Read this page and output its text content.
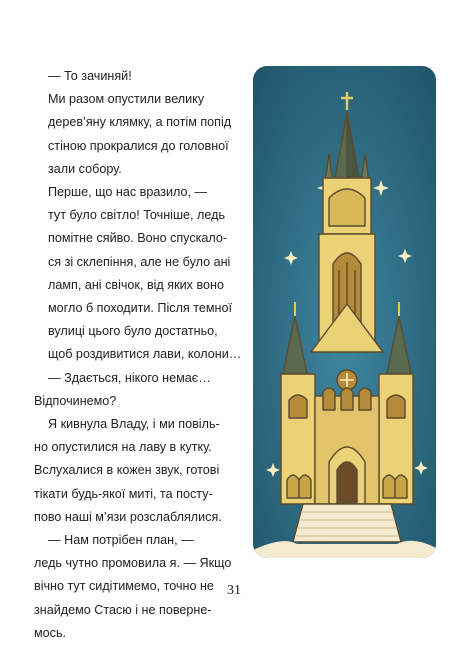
— То зачиняй!

Ми разом опустили велику
дерев’яну клямку, а потім попід
стіною прокралися до головної
зали собору.

Перше, що нас вразило, —
тут було світло! Точніше, ледь
помітне сяйво. Воно спускало-
ся зі склепіння, але не було ані
ламп, ані свічок, від яких воно
могло б походити. Після темної
вулиці цього було достатньо,
щоб роздивитися лави, колони…

— Здається, нікого немає…
Відпочинемо?

Я кивнула Владу, і ми повіль-
но опустилися на лаву в кутку.
Вслухалися в кожен звук, готові
тікати будь-якої миті, та посту-
пово наші м’язи розслаблялися.

— Нам потрібен план, —
ледь чутно промовила я. — Якщо
вічно тут сидітимемо, точно не
знайдемо Стасю і не поверне-
мось.

31
